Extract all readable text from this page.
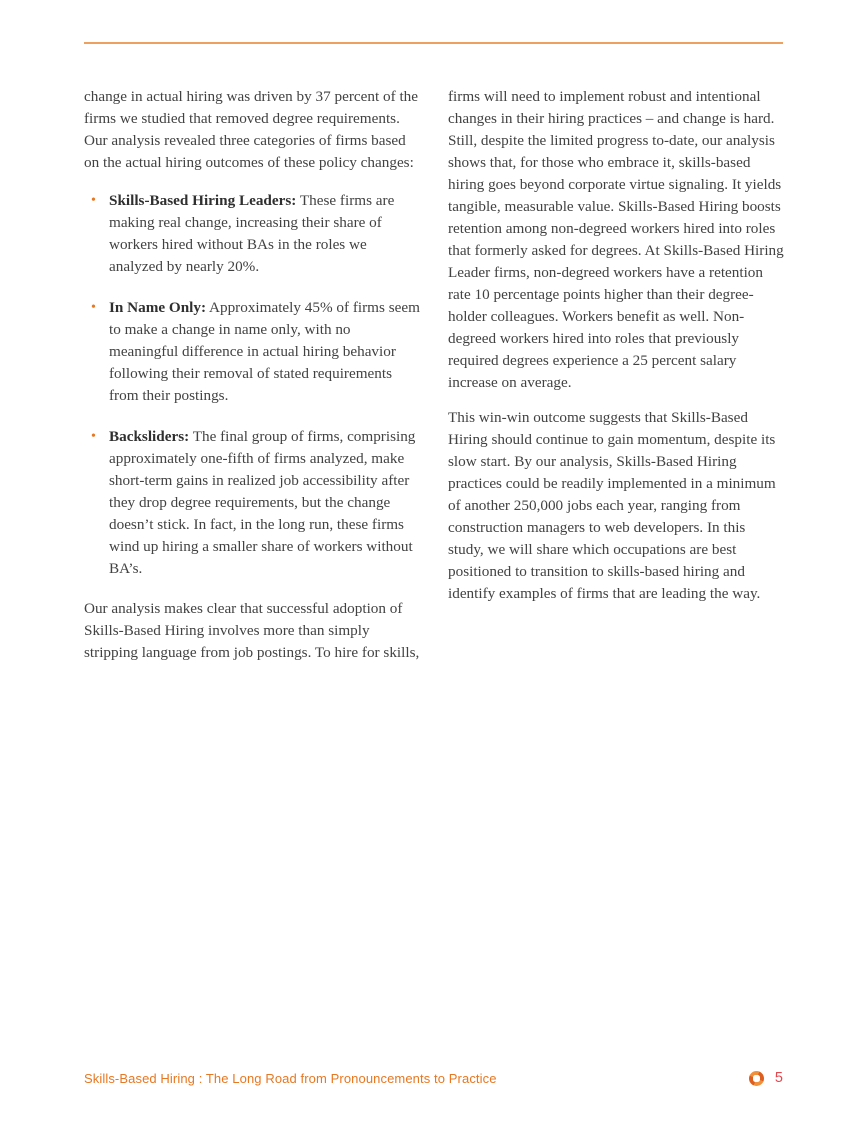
change in actual hiring was driven by 37 percent of the firms we studied that removed degree requirements. Our analysis revealed three categories of firms based on the actual hiring outcomes of these policy changes:

• Skills-Based Hiring Leaders: These firms are making real change, increasing their share of workers hired without BAs in the roles we analyzed by nearly 20%.
• In Name Only: Approximately 45% of firms seem to make a change in name only, with no meaningful difference in actual hiring behavior following their removal of stated requirements from their postings.
• Backsliders: The final group of firms, comprising approximately one-fifth of firms analyzed, make short-term gains in realized job accessibility after they drop degree requirements, but the change doesn’t stick. In fact, in the long run, these firms wind up hiring a smaller share of workers without BA’s.

Our analysis makes clear that successful adoption of Skills-Based Hiring involves more than simply stripping language from job postings. To hire for skills,

firms will need to implement robust and intentional changes in their hiring practices – and change is hard. Still, despite the limited progress to-date, our analysis shows that, for those who embrace it, skills-based hiring goes beyond corporate virtue signaling. It yields tangible, measurable value. Skills-Based Hiring boosts retention among non-degreed workers hired into roles that formerly asked for degrees. At Skills-Based Hiring Leader firms, non-degreed workers have a retention rate 10 percentage points higher than their degree-holder colleagues. Workers benefit as well. Non-degreed workers hired into roles that previously required degrees experience a 25 percent salary increase on average.

This win-win outcome suggests that Skills-Based Hiring should continue to gain momentum, despite its slow start. By our analysis, Skills-Based Hiring practices could be readily implemented in a minimum of another 250,000 jobs each year, ranging from construction managers to web developers. In this study, we will share which occupations are best positioned to transition to skills-based hiring and identify examples of firms that are leading the way.

Skills-Based Hiring : The Long Road from Pronouncements to Practice	5
